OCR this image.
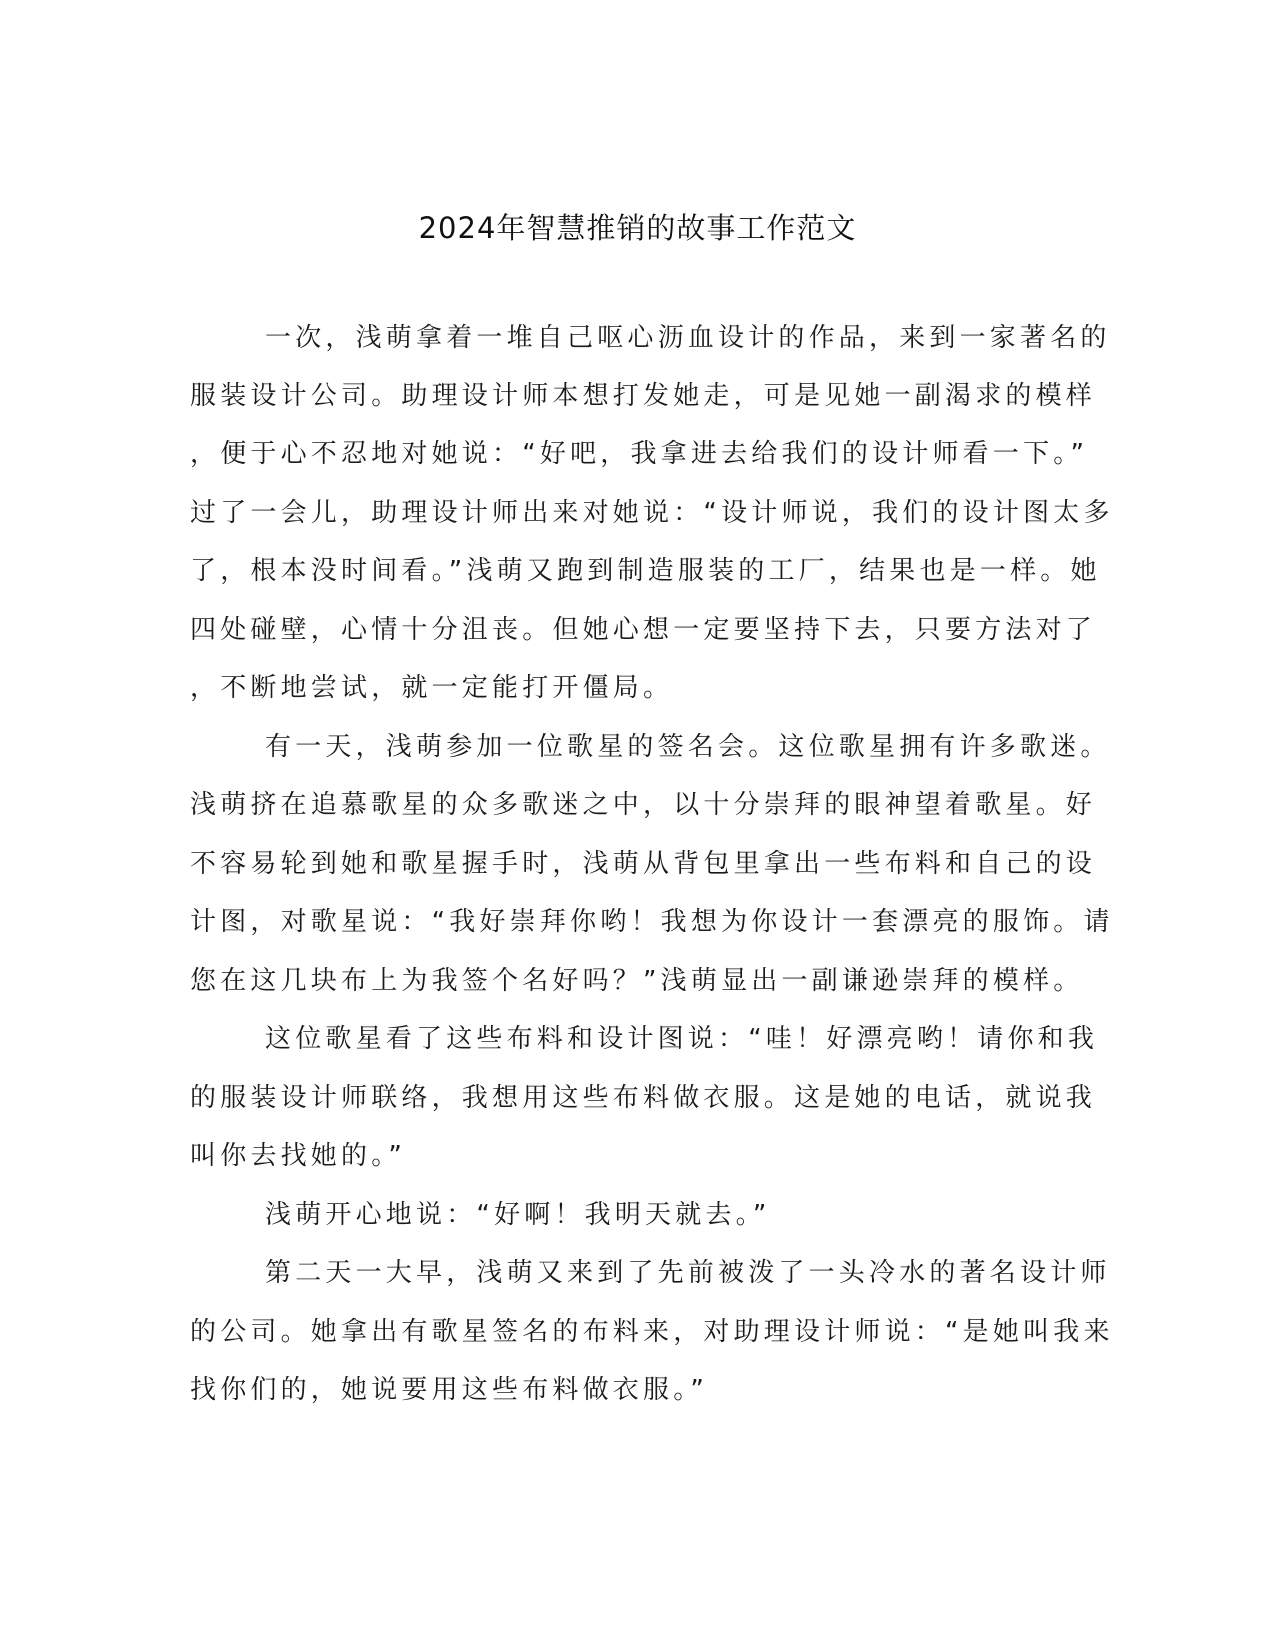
2024年智慧推销的故事工作范文
一次，浅萌拿着一堆自己呕心沥血设计的作品，来到一家著名的
服装设计公司。助理设计师本想打发她走，可是见她一副渴求的模样
，便于心不忍地对她说：“好吧，我拿进去给我们的设计师看一下。”
过了一会儿，助理设计师出来对她说：“设计师说，我们的设计图太多
了，根本没时间看。”浅萌又跑到制造服装的工厂，结果也是一样。她
四处碰壁，心情十分沮丧。但她心想一定要坚持下去，只要方法对了
，不断地尝试，就一定能打开僵局。
有一天，浅萌参加一位歌星的签名会。这位歌星拥有许多歌迷。
浅萌挤在追慕歌星的众多歌迷之中，以十分崇拜的眼神望着歌星。好
不容易轮到她和歌星握手时，浅萌从背包里拿出一些布料和自己的设
计图，对歌星说：“我好崇拜你哟！我想为你设计一套漂亮的服饰。请
您在这几块布上为我签个名好吗？”浅萌显出一副谦逊崇拜的模样。
这位歌星看了这些布料和设计图说：“哇！好漂亮哟！请你和我
的服装设计师联络，我想用这些布料做衣服。这是她的电话，就说我
叫你去找她的。”
浅萌开心地说：“好啊！我明天就去。”
第二天一大早，浅萌又来到了先前被泼了一头冷水的著名设计师
的公司。她拿出有歌星签名的布料来，对助理设计师说：“是她叫我来
找你们的，她说要用这些布料做衣服。”
